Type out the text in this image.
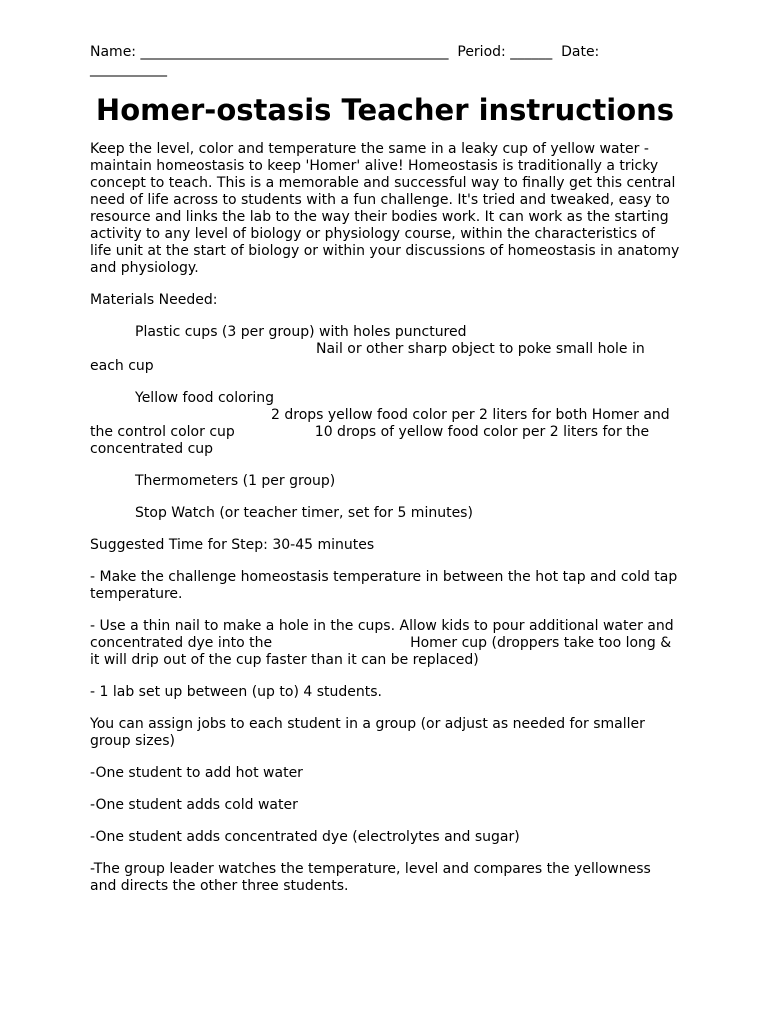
Name: ____________________________________________  Period: ______  Date:
___________
Homer-ostasis Teacher instructions

Keep the level, color and temperature the same in a leaky cup of yellow water - maintain homeostasis to keep 'Homer' alive! Homeostasis is traditionally a tricky concept to teach. This is a memorable and successful way to finally get this central need of life across to students with a fun challenge. It's tried and tweaked, easy to resource and links the lab to the way their bodies work. It can work as the starting activity to any level of biology or physiology course, within the characteristics of life unit at the start of biology or within your discussions of homeostasis in anatomy and physiology.

Materials Needed:

Plastic cups (3 per group) with holes punctured
Nail or other sharp object to poke small hole in each cup

Yellow food coloring
2 drops yellow food color per 2 liters for both Homer and the control color cup	10 drops of yellow food color per 2 liters for the concentrated cup

Thermometers (1 per group)

Stop Watch (or teacher timer, set for 5 minutes)

Suggested Time for Step: 30-45 minutes

- Make the challenge homeostasis temperature in between the hot tap and cold tap temperature.

- Use a thin nail to make a hole in the cups. Allow kids to pour additional water and concentrated dye into the	Homer cup (droppers take too long & it will drip out of the cup faster than it can be replaced)

- 1 lab set up between (up to) 4 students.

You can assign jobs to each student in a group (or adjust as needed for smaller group sizes)

-One student to add hot water

-One student adds cold water

-One student adds concentrated dye (electrolytes and sugar)

-The group leader watches the temperature, level and compares the yellowness and directs the other three students.
